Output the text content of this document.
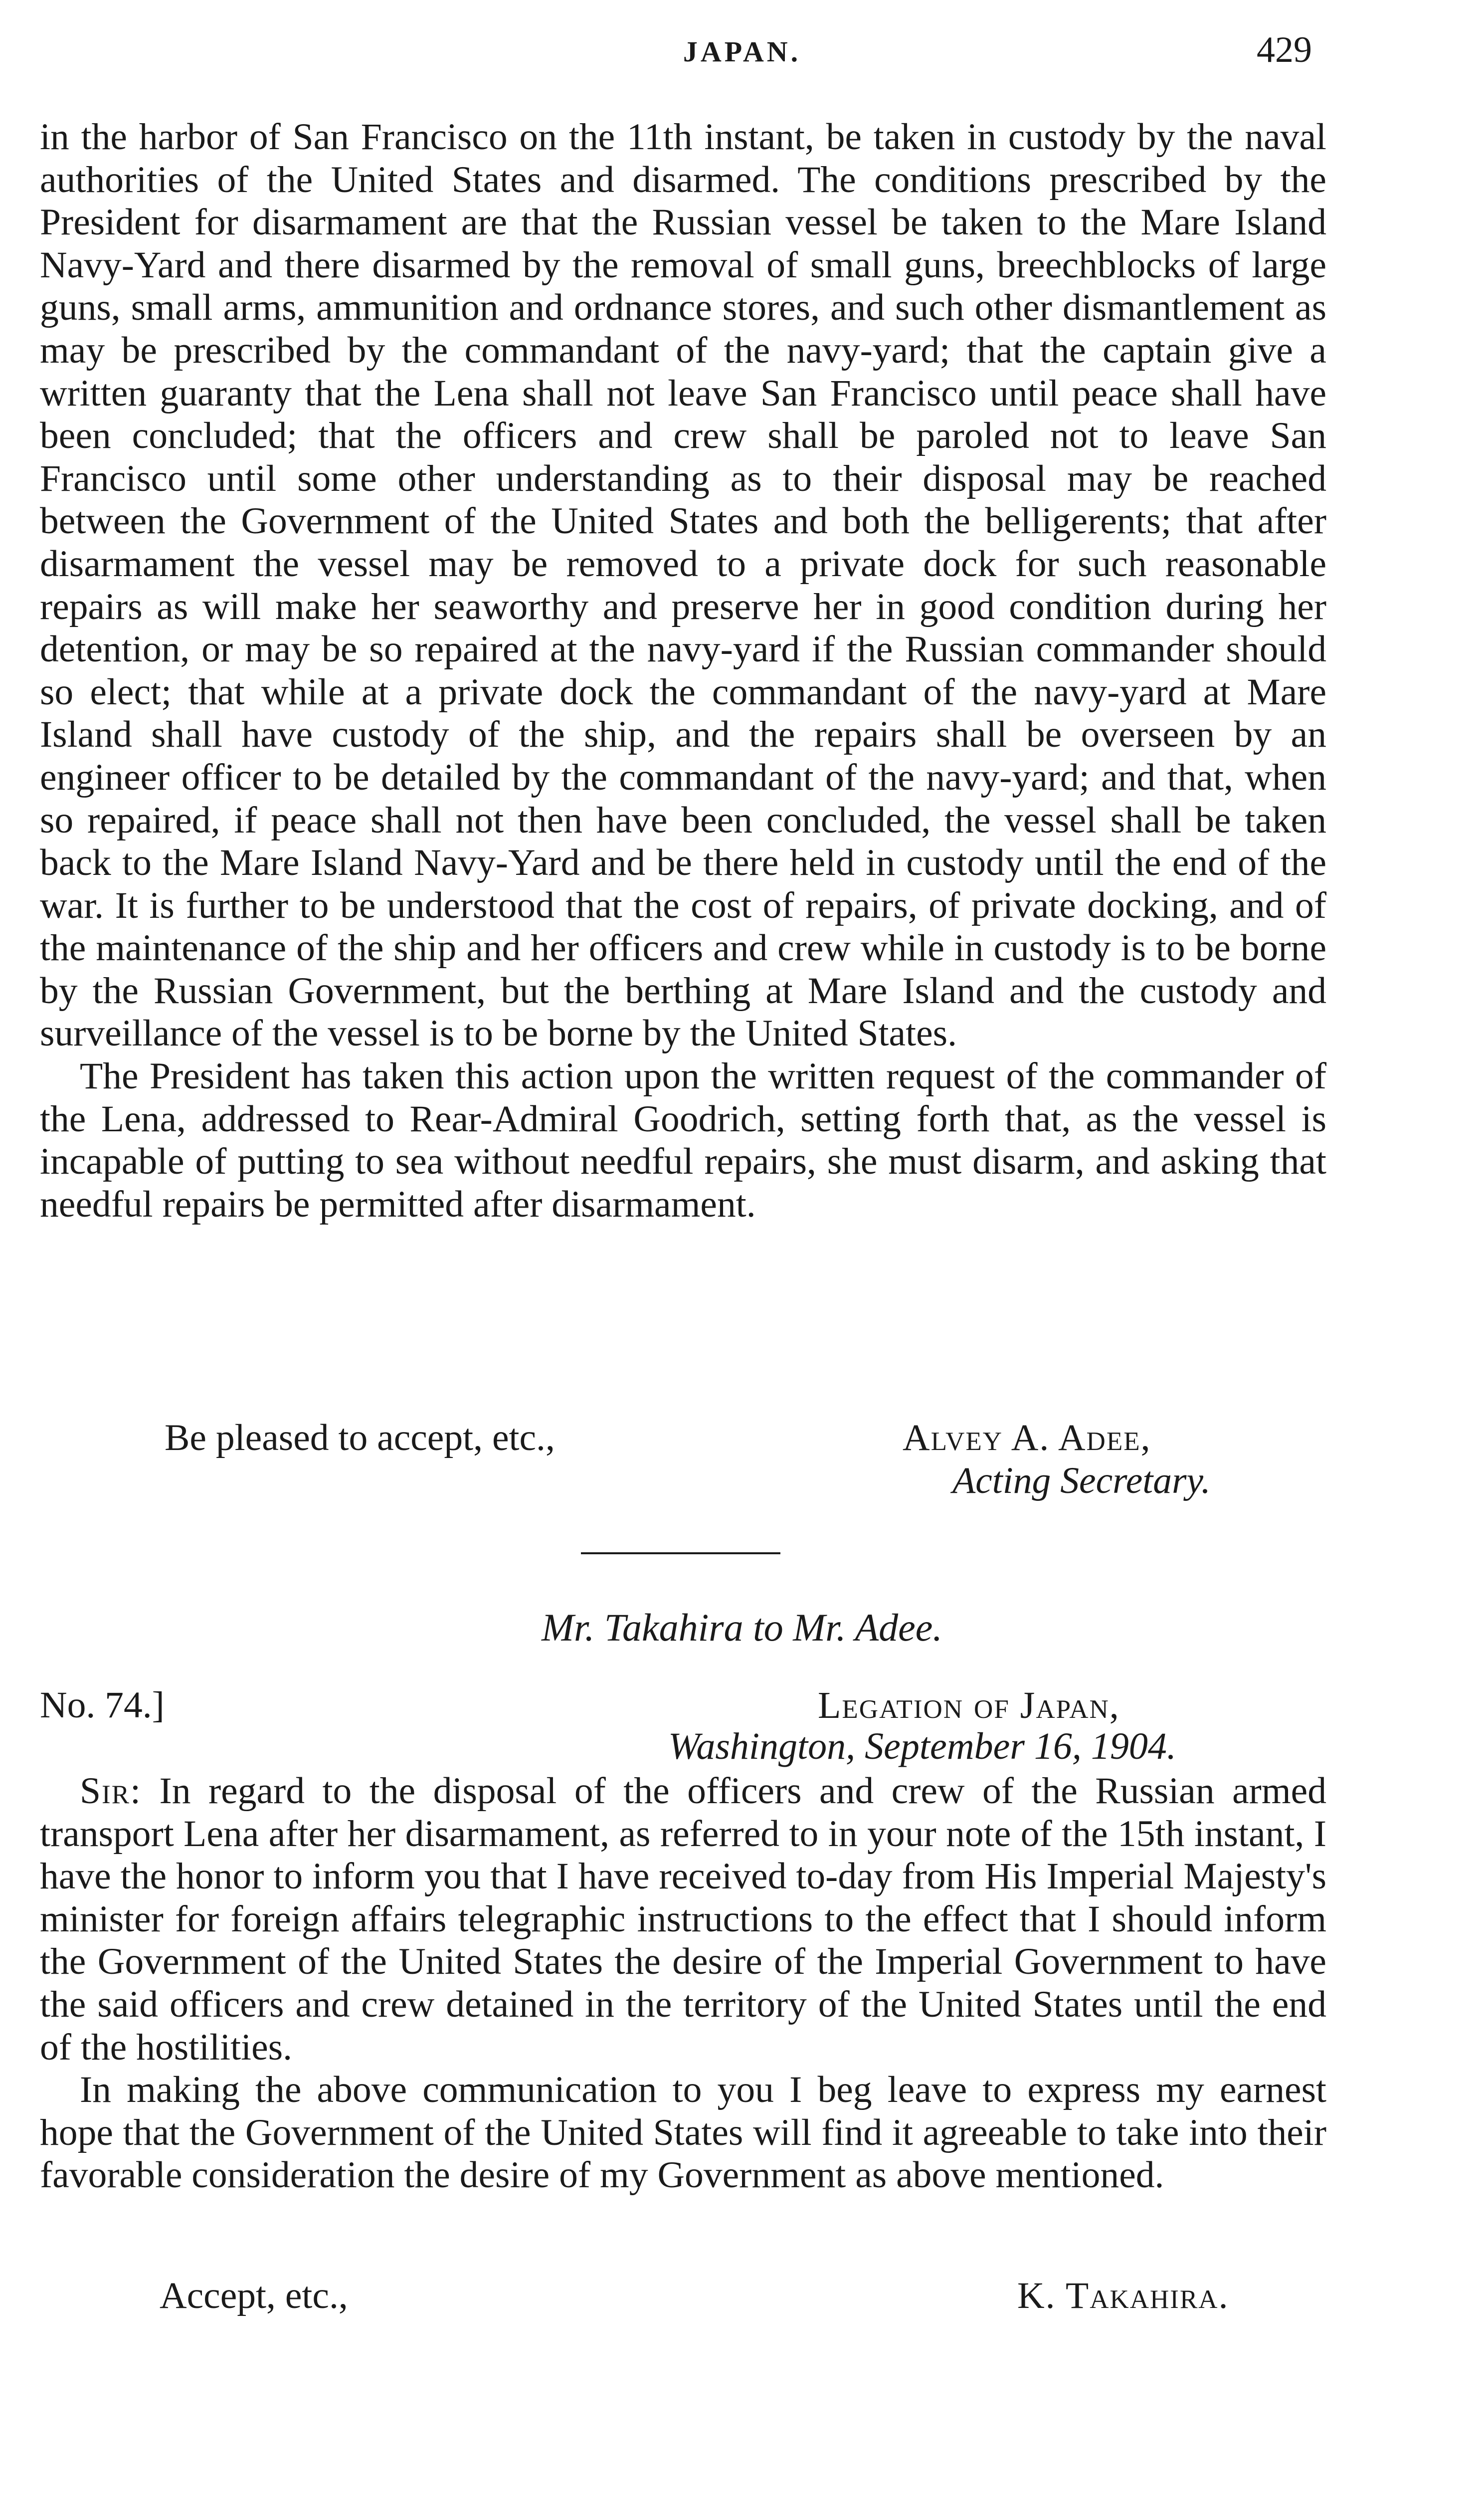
JAPAN.	429

in the harbor of San Francisco on the 11th instant, be taken in custody by the naval authorities of the United States and disarmed. The conditions prescribed by the President for disarmament are that the Russian vessel be taken to the Mare Island Navy-Yard and there disarmed by the removal of small guns, breechblocks of large guns, small arms, ammunition and ordnance stores, and such other dismantlement as may be prescribed by the commandant of the navy-yard; that the captain give a written guaranty that the Lena shall not leave San Francisco until peace shall have been concluded; that the officers and crew shall be paroled not to leave San Francisco until some other understanding as to their disposal may be reached between the Government of the United States and both the belligerents; that after disarmament the vessel may be removed to a private dock for such reasonable repairs as will make her seaworthy and preserve her in good condition during her detention, or may be so repaired at the navy-yard if the Russian commander should so elect; that while at a private dock the commandant of the navy-yard at Mare Island shall have custody of the ship, and the repairs shall be overseen by an engineer officer to be detailed by the commandant of the navy-yard; and that, when so repaired, if peace shall not then have been concluded, the vessel shall be taken back to the Mare Island Navy-Yard and be there held in custody until the end of the war. It is further to be understood that the cost of repairs, of private docking, and of the maintenance of the ship and her officers and crew while in custody is to be borne by the Russian Government, but the berthing at Mare Island and the custody and surveillance of the vessel is to be borne by the United States.

The President has taken this action upon the written request of the commander of the Lena, addressed to Rear-Admiral Goodrich, setting forth that, as the vessel is incapable of putting to sea without needful repairs, she must disarm, and asking that needful repairs be permitted after disarmament.

Be pleased to accept, etc.,	Alvey A. Adee,
Acting Secretary.
Mr. Takahira to Mr. Adee.
No. 74.]	Legation of Japan,
Washington, September 16, 1904.

Sir: In regard to the disposal of the officers and crew of the Russian armed transport Lena after her disarmament, as referred to in your note of the 15th instant, I have the honor to inform you that I have received to-day from His Imperial Majesty's minister for foreign affairs telegraphic instructions to the effect that I should inform the Government of the United States the desire of the Imperial Government to have the said officers and crew detained in the territory of the United States until the end of the hostilities.

In making the above communication to you I beg leave to express my earnest hope that the Government of the United States will find it agreeable to take into their favorable consideration the desire of my Government as above mentioned.

Accept, etc.,	K. Takahira.
